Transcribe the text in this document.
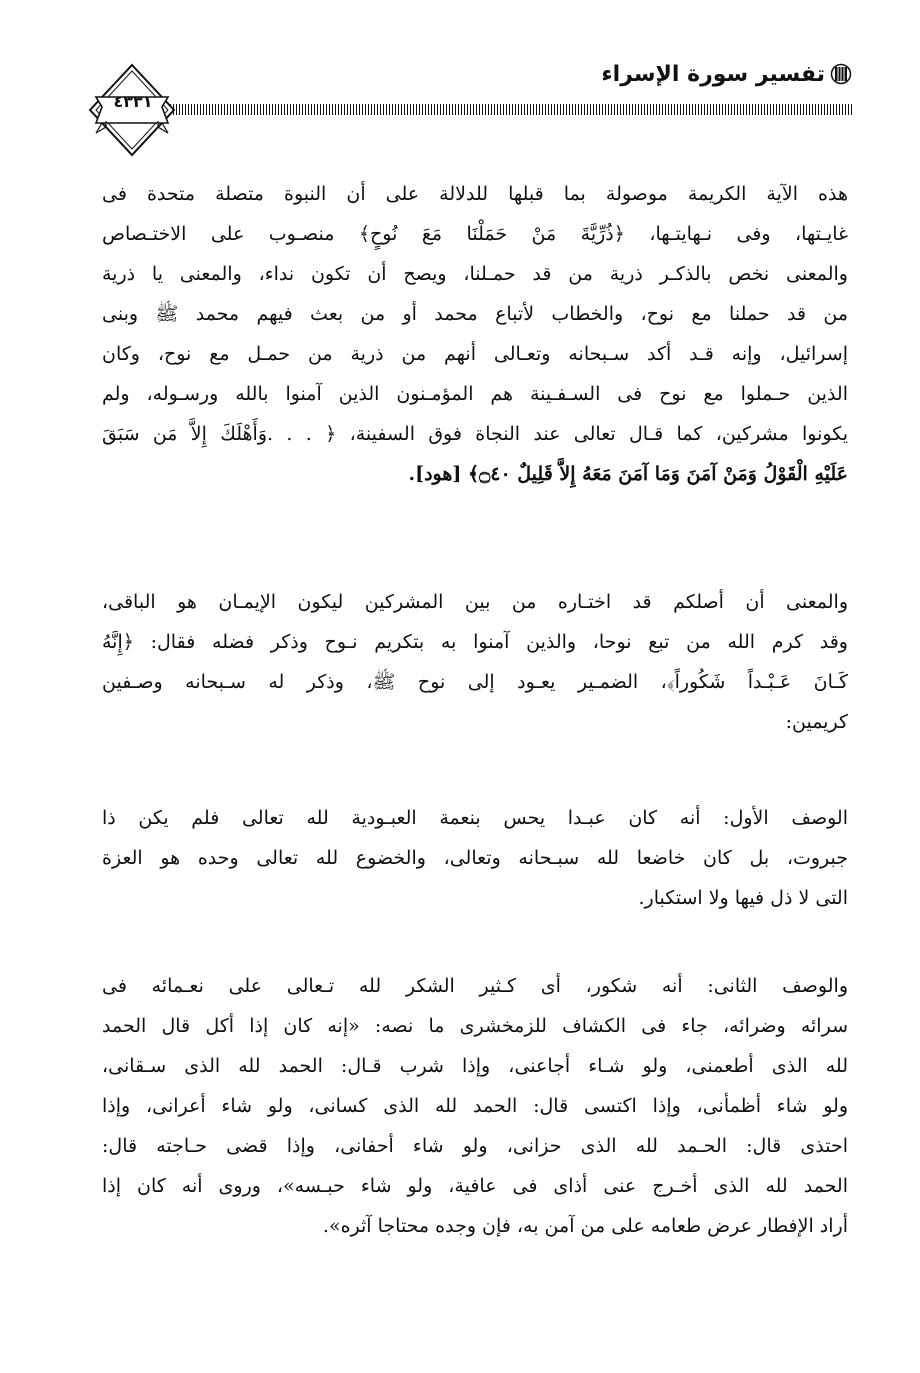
تفسير سورة الإسراء
٤٣٣١
هذه الآية الكريمة موصولة بما قبلها للدلالة على أن النبوة متصلة متحدة فى
غايـتها، وفى نـهايتـها، ﴿ذُرِّيَّةَ مَنْ حَمَلْنَا مَعَ نُوحٍ﴾ منصـوب على الاختـصاص
والمعنى نخص بالذكـر ذرية من قد حمـلنا، ويصح أن تكون نداء، والمعنى يا ذرية
من قد حملنا مع نوح، والخطاب لأتباع محمد أو من بعث فيهم محمد ﷺ وبنى
إسرائيل، وإنه قـد أكد سـبحانه وتعـالى أنهم من ذرية من حمـل مع نوح، وكان
الذين حـملوا مع نوح فى السـفـينة هم المؤمـنون الذين آمنوا بالله ورسـوله، ولم
يكونوا مشركين، كما قـال تعالى عند النجاة فوق السفينة، ﴿ . . .وَأَهْلَكَ إِلاَّ مَن سَبَقَ
عَلَيْهِ الْقَوْلُ وَمَنْ آمَنَ وَمَا آمَنَ مَعَهُ إِلاَّ قَلِيلٌ ۝٤٠﴾ [هود].
والمعنى أن أصلكم قد اختـاره من بين المشركين ليكون الإيمـان هو الباقى،
وقد كرم الله من تبع نوحا، والذين آمنوا به بتكريم نـوح وذكر فضله فقال: ﴿إِنَّهُ
كَـانَ عَـبْـداً شَكُوراً﴾، الضمـير يعـود إلى نوح ﷺ، وذكر له سـبحانه وصـفين
كريمين:
الوصف الأول: أنه كان عبـدا يحس بنعمة العبـودية لله تعالى فلم يكن ذا
جبروت، بل كان خاضعا لله سبـحانه وتعالى، والخضوع لله تعالى وحده هو العزة
التى لا ذل فيها ولا استكبار.
والوصف الثانى: أنه شكور، أى كـثير الشكر لله تـعالى على نعـمائه فى
سرائه وضرائه، جاء فى الكشاف للزمخشرى ما نصه: «إنه كان إذا أكل قال الحمد
لله الذى أطعمنى، ولو شـاء أجاعنى، وإذا شرب قـال: الحمد لله الذى سـقانى،
ولو شاء أظمأنى، وإذا اكتسى قال: الحمد لله الذى كسانى، ولو شاء أعرانى، وإذا
احتذى قال: الحـمد لله الذى حزانى، ولو شاء أحفانى، وإذا قضى حـاجته قال:
الحمد لله الذى أخـرج عنى أذاى فى عافية، ولو شاء حبـسه»، وروى أنه كان إذا
أراد الإفطار عرض طعامه على من آمن به، فإن وجده محتاجا آثره».
